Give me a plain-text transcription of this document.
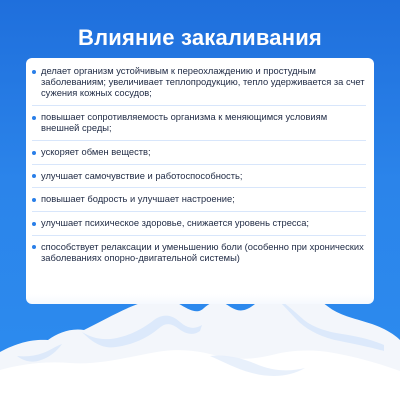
Влияние закаливания
делает организм устойчивым к переохлаждению и простудным заболеваниям; увеличивает теплопродукцию, тепло удерживается за счет сужения кожных сосудов;
повышает сопротивляемость организма к меняющимся условиям внешней среды;
ускоряет обмен веществ;
улучшает самочувствие и работоспособность;
повышает бодрость и улучшает настроение;
улучшает психическое здоровье, снижается уровень стресса;
способствует релаксации и уменьшению боли (особенно при хронических заболеваниях опорно-двигательной системы)
